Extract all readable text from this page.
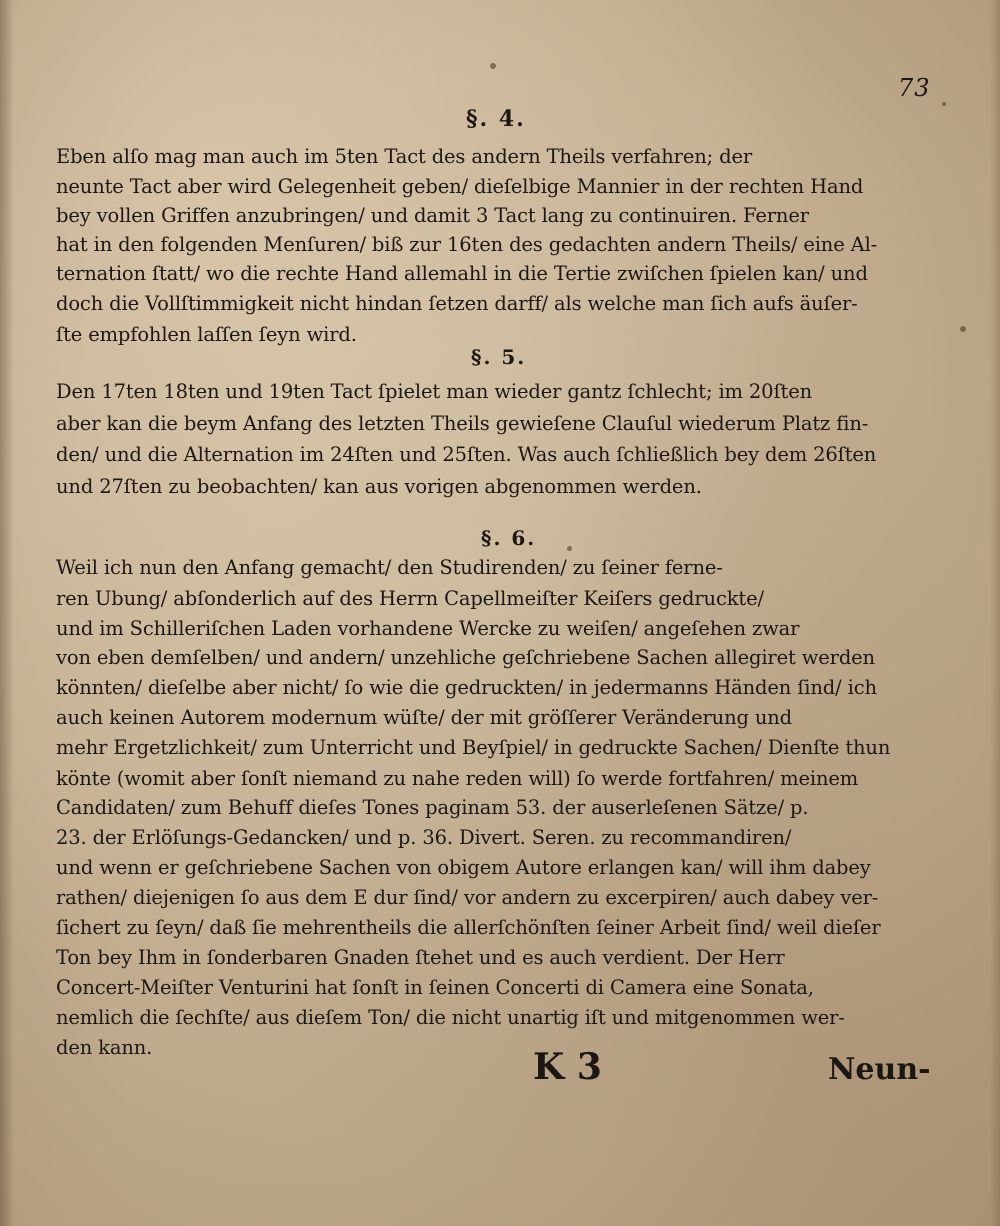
73
§. 4.
Eben alſo mag man auch im 5ten Tact des andern Theils verfahren; der
neunte Tact aber wird Gelegenheit geben/ dieſelbige Mannier in der rechten Hand
bey vollen Griffen anzubringen/ und damit 3 Tact lang zu continuiren. Ferner
hat in den folgenden Menſuren/ biß zur 16ten des gedachten andern Theils/ eine Al-
ternation ſtatt/ wo die rechte Hand allemahl in die Tertie zwiſchen ſpielen kan/ und
doch die Vollſtimmigkeit nicht hindan ſetzen darff/ als welche man ſich aufs äuſer-
ſte empfohlen laſſen ſeyn wird.
§. 5.
Den 17ten 18ten und 19ten Tact ſpielet man wieder gantz ſchlecht; im 20ſten
aber kan die beym Anfang des letzten Theils gewieſene Clauſul wiederum Platz fin-
den/ und die Alternation im 24ſten und 25ſten. Was auch ſchließlich bey dem 26ſten
und 27ſten zu beobachten/ kan aus vorigen abgenommen werden.
§. 6.
Weil ich nun den Anfang gemacht/ den Studirenden/ zu ſeiner ferne-
ren Ubung/ abſonderlich auf des Herrn Capellmeiſter Keiſers gedruckte/
und im Schilleriſchen Laden vorhandene Wercke zu weiſen/ angeſehen zwar
von eben demſelben/ und andern/ unzehliche geſchriebene Sachen allegiret werden
könnten/ dieſelbe aber nicht/ ſo wie die gedruckten/ in jedermanns Händen ſind/ ich
auch keinen Autorem modernum wüſte/ der mit gröſſerer Veränderung und
mehr Ergetzlichkeit/ zum Unterricht und Beyſpiel/ in gedruckte Sachen/ Dienſte thun
könte (womit aber ſonſt niemand zu nahe reden will) ſo werde fortfahren/ meinem
Candidaten/ zum Behuff dieſes Tones paginam 53. der auserleſenen Sätze/ p.
23. der Erlöſungs-Gedancken/ und p. 36. Divert. Seren. zu recommandiren/
und wenn er geſchriebene Sachen von obigem Autore erlangen kan/ will ihm dabey
rathen/ diejenigen ſo aus dem E dur ſind/ vor andern zu excerpiren/ auch dabey ver-
ſichert zu ſeyn/ daß ſie mehrentheils die allerſchönſten ſeiner Arbeit ſind/ weil dieſer
Ton bey Ihm in ſonderbaren Gnaden ſtehet und es auch verdient. Der Herr
Concert-Meiſter Venturini hat ſonſt in ſeinen Concerti di Camera eine Sonata,
nemlich die ſechſte/ aus dieſem Ton/ die nicht unartig iſt und mitgenommen wer-
den kann.	K 3	Neun-
